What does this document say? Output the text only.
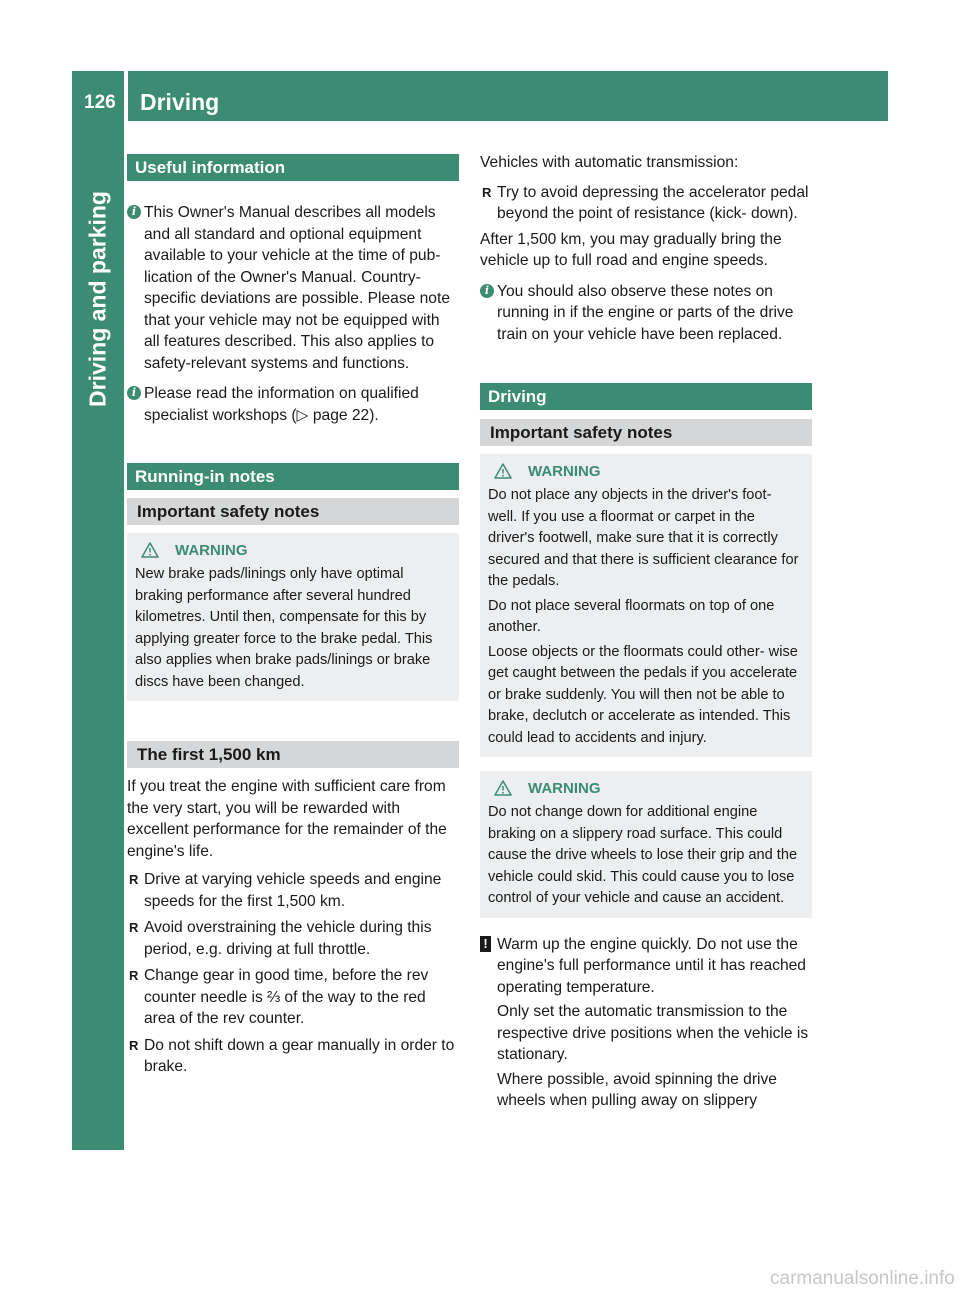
126 Driving
Driving and parking
Useful information
i This Owner's Manual describes all models and all standard and optional equipment available to your vehicle at the time of pub- lication of the Owner's Manual. Country- specific deviations are possible. Please note that your vehicle may not be equipped with all features described. This also applies to safety-relevant systems and functions.
i Please read the information on qualified specialist workshops (▷ page 22).
Running-in notes
Important safety notes
WARNING

New brake pads/linings only have optimal braking performance after several hundred kilometres. Until then, compensate for this by applying greater force to the brake pedal. This also applies when brake pads/linings or brake discs have been changed.

The first 1,500 km

If you treat the engine with sufficient care from the very start, you will be rewarded with excellent performance for the remainder of the engine's life.

R Drive at varying vehicle speeds and engine speeds for the first 1,500 km.
R Avoid overstraining the vehicle during this period, e.g. driving at full throttle.
R Change gear in good time, before the rev counter needle is ⅔ of the way to the red area of the rev counter.
R Do not shift down a gear manually in order to brake.

Vehicles with automatic transmission:

R Try to avoid depressing the accelerator pedal beyond the point of resistance (kick- down).

After 1,500 km, you may gradually bring the vehicle up to full road and engine speeds.

i You should also observe these notes on running in if the engine or parts of the drive train on your vehicle have been replaced.
Driving
Important safety notes
WARNING

Do not place any objects in the driver's foot- well. If you use a floormat or carpet in the driver's footwell, make sure that it is correctly secured and that there is sufficient clearance for the pedals.

Do not place several floormats on top of one another.

Loose objects or the floormats could other- wise get caught between the pedals if you accelerate or brake suddenly. You will then not be able to brake, declutch or accelerate as intended. This could lead to accidents and injury.

WARNING

Do not change down for additional engine braking on a slippery road surface. This could cause the drive wheels to lose their grip and the vehicle could skid. This could cause you to lose control of your vehicle and cause an accident.

! Warm up the engine quickly. Do not use the engine's full performance until it has reached operating temperature.

Only set the automatic transmission to the respective drive positions when the vehicle is stationary.

Where possible, avoid spinning the drive wheels when pulling away on slippery

carmanualsonline.info
